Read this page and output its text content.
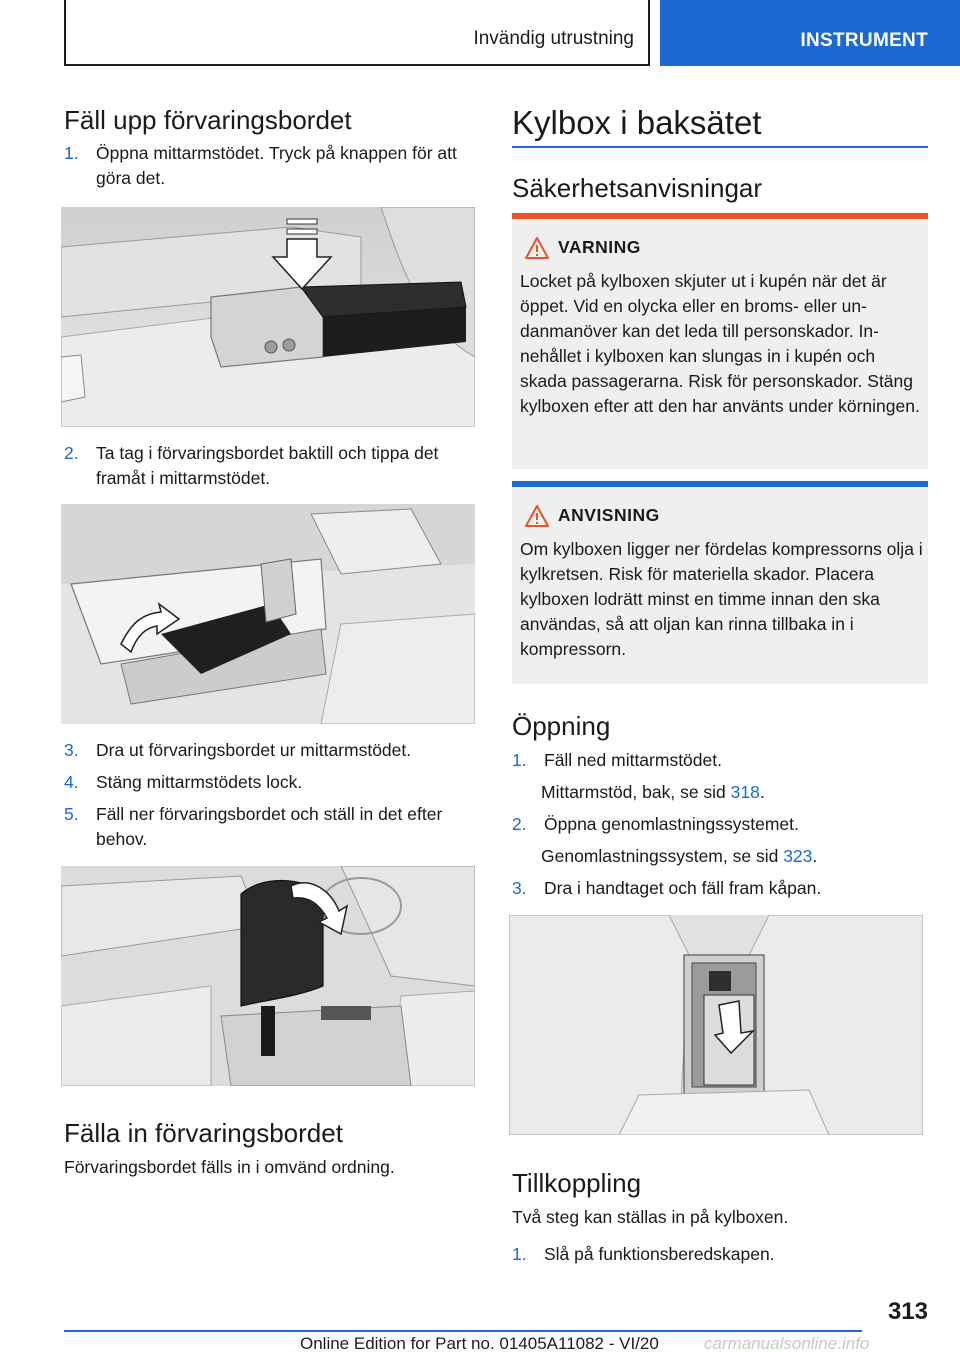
Invändig utrustning	INSTRUMENT
Fäll upp förvaringsbordet
1. Öppna mittarmstödet. Tryck på knappen för att göra det.
2. Ta tag i förvaringsbordet baktill och tippa det framåt i mittarmstödet.
3. Dra ut förvaringsbordet ur mittarmstödet.
4. Stäng mittarmstödets lock.
5. Fäll ner förvaringsbordet och ställ in det efter behov.
Fälla in förvaringsbordet
Förvaringsbordet fälls in i omvänd ordning.
Kylbox i baksätet
Säkerhetsanvisningar
VARNING
Locket på kylboxen skjuter ut i kupén när det är öppet. Vid en olycka eller en broms- eller undanmanöver kan det leda till personskador. Innehållet i kylboxen kan slungas in i kupén och skada passagerarna. Risk för personskador. Stäng kylboxen efter att den har använts under körningen.
ANVISNING
Om kylboxen ligger ner fördelas kompressorns olja i kylkretsen. Risk för materiella skador. Placera kylboxen lodrätt minst en timme innan den ska användas, så att oljan kan rinna tillbaka in i kompressorn.
Öppning
1. Fäll ned mittarmstödet.
Mittarmstöd, bak, se sid 318.
2. Öppna genomlastningssystemet.
Genomlastningssystem, se sid 323.
3. Dra i handtaget och fäll fram kåpan.
Tillkoppling
Två steg kan ställas in på kylboxen.
1. Slå på funktionsberedskapen.
313
Online Edition for Part no. 01405A11082 - VI/20	carmanualsonline.info
